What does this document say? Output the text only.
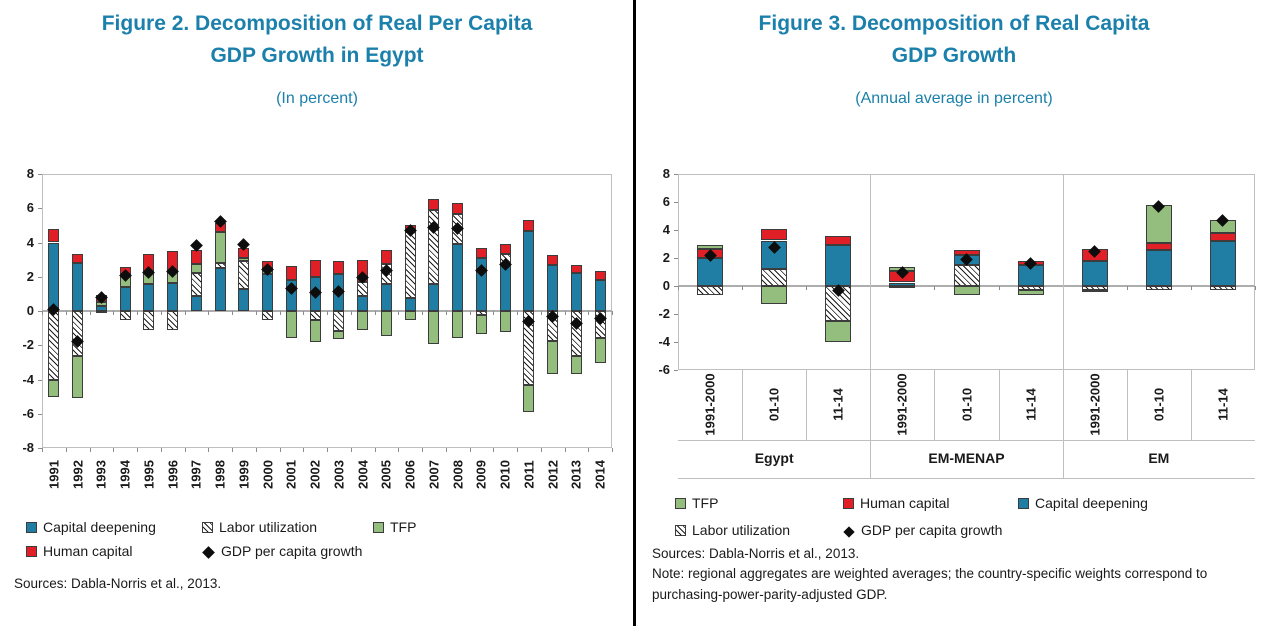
Figure 2. Decomposition of Real Per Capita
GDP Growth in Egypt
(In percent)
Capital deepening	Labor utilization	TFP
Human capital	GDP per capita growth
Sources: Dabla-Norris et al., 2013.
Figure 3. Decomposition of Real Capita
GDP Growth
(Annual average in percent)
TFP	Human capital	Capital deepening
Labor utilization	GDP per capita growth
Sources: Dabla-Norris et al., 2013.
Note: regional aggregates are weighted averages; the country-specific weights correspond to
purchasing-power-parity-adjusted GDP.
8
6
4
2
0
-2
-4
-6
-8
1991 1992 1993 1994 1995 1996 1997 1998 1999 2000 2001 2002 2003 2004 2005 2006 2007 2008 2009 2010 2011 2012 2013 2014
8
6
4
2
0
-2
-4
-6
1991-2000	01-10	11-14
Egypt
1991-2000	01-10	11-14
EM-MENAP
1991-2000	01-10	11-14
EM
